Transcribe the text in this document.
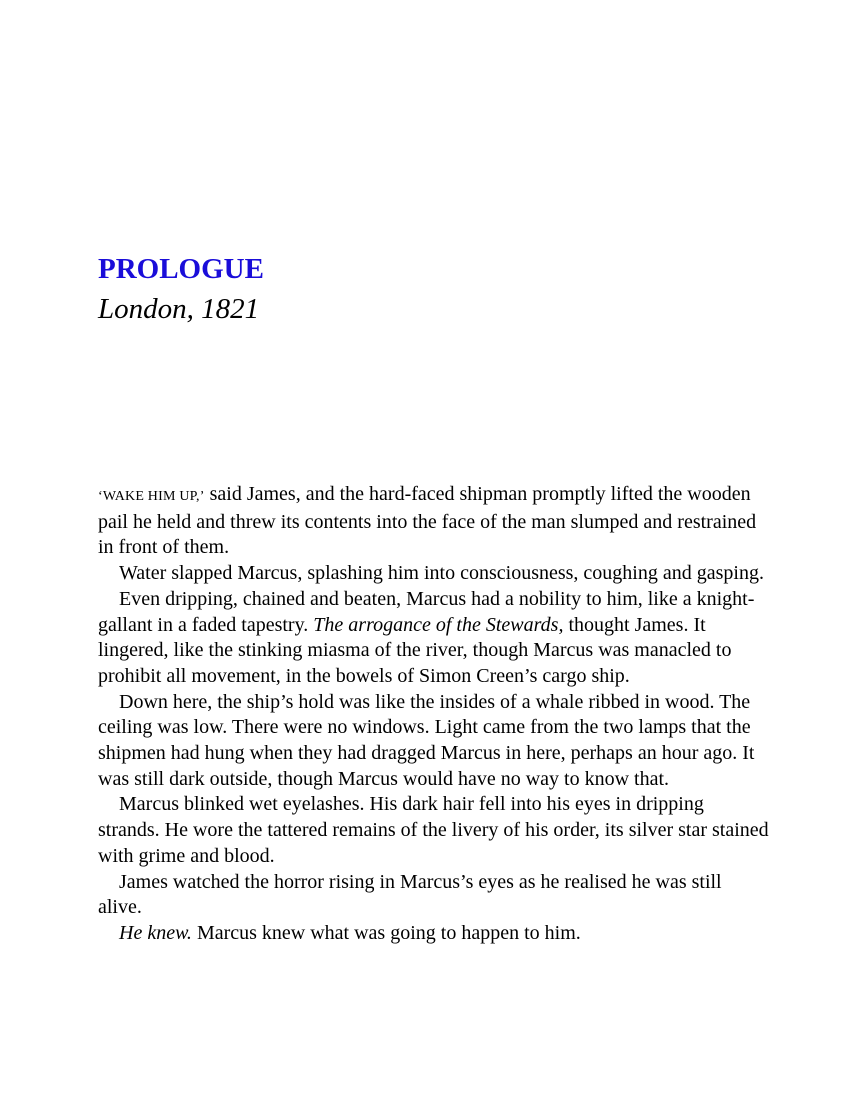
PROLOGUE
London, 1821

‘WAKE HIM UP,’ said James, and the hard-faced shipman promptly lifted the wooden pail he held and threw its contents into the face of the man slumped and restrained in front of them.

Water slapped Marcus, splashing him into consciousness, coughing and gasping.

Even dripping, chained and beaten, Marcus had a nobility to him, like a knight-gallant in a faded tapestry. The arrogance of the Stewards, thought James. It lingered, like the stinking miasma of the river, though Marcus was manacled to prohibit all movement, in the bowels of Simon Creen’s cargo ship.

Down here, the ship’s hold was like the insides of a whale ribbed in wood. The ceiling was low. There were no windows. Light came from the two lamps that the shipmen had hung when they had dragged Marcus in here, perhaps an hour ago. It was still dark outside, though Marcus would have no way to know that.

Marcus blinked wet eyelashes. His dark hair fell into his eyes in dripping strands. He wore the tattered remains of the livery of his order, its silver star stained with grime and blood.

James watched the horror rising in Marcus’s eyes as he realised he was still alive.

He knew. Marcus knew what was going to happen to him.
